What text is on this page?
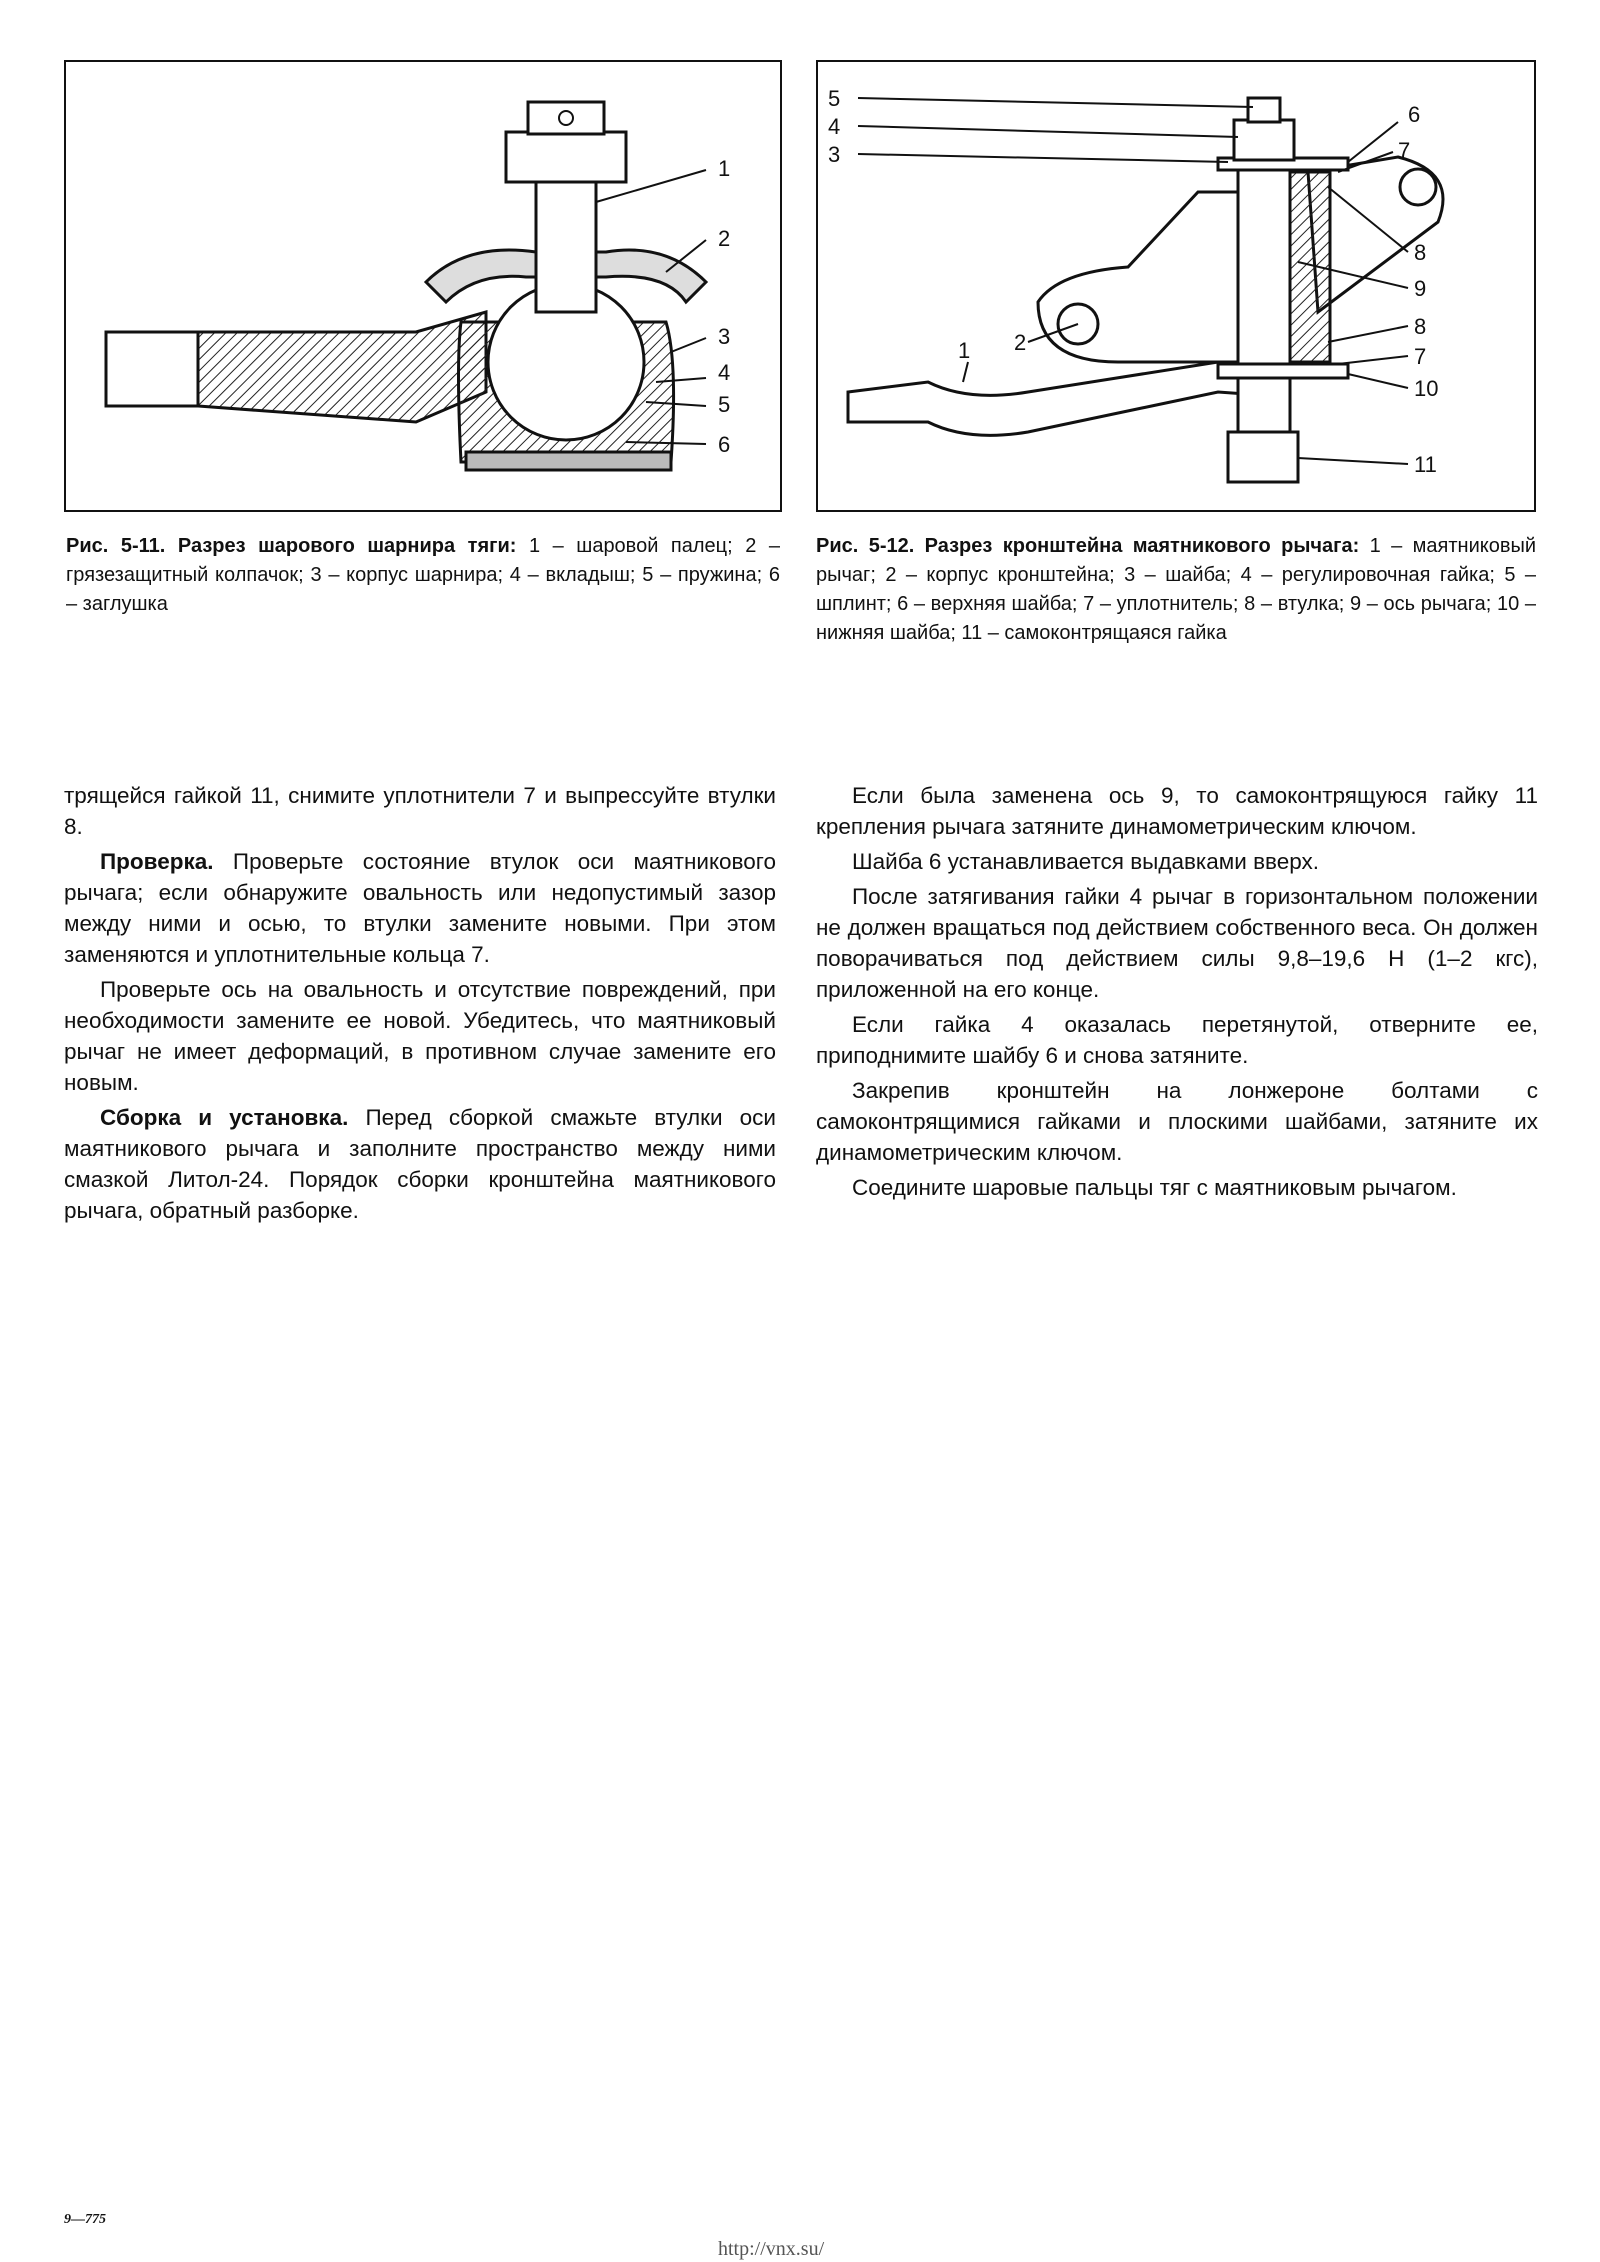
1
2
3
4
5
6
5
4
3
6
7
8
9
8
7
10
11
2
1
Рис. 5-11. Разрез шарового шарнира тяги: 1 – шаровой палец; 2 – грязезащитный колпачок; 3 – корпус шарнира; 4 – вкладыш; 5 – пружина; 6 – заглушка
Рис. 5-12. Разрез кронштейна маятникового рычага: 1 – маятниковый рычаг; 2 – корпус кронштейна; 3 – шайба; 4 – регулировочная гайка; 5 – шплинт; 6 – верхняя шайба; 7 – уплотнитель; 8 – втулка; 9 – ось рычага; 10 – нижняя шайба; 11 – самоконтрящаяся гайка

трящейся гайкой 11, снимите уплотнители 7 и выпрессуйте втулки 8.

Проверка. Проверьте состояние втулок оси маятникового рычага; если обнаружите овальность или недопустимый зазор между ними и осью, то втулки замените новыми. При этом заменяются и уплотнительные кольца 7.

Проверьте ось на овальность и отсутствие повреждений, при необходимости замените ее новой. Убедитесь, что маятниковый рычаг не имеет деформаций, в противном случае замените его новым.

Сборка и установка. Перед сборкой смажьте втулки оси маятникового рычага и заполните пространство между ними смазкой Литол-24. Порядок сборки кронштейна маятникового рычага, обратный разборке.

Если была заменена ось 9, то самоконтрящуюся гайку 11 крепления рычага затяните динамометрическим ключом.

Шайба 6 устанавливается выдавками вверх.

После затягивания гайки 4 рычаг в горизонтальном положении не должен вращаться под действием собственного веса. Он должен поворачиваться под действием силы 9,8–19,6 Н (1–2 кгс), приложенной на его конце.

Если гайка 4 оказалась перетянутой, отверните ее, приподнимите шайбу 6 и снова затяните.

Закрепив кронштейн на лонжероне болтами с самоконтрящимися гайками и плоскими шайбами, затяните их динамометрическим ключом.

Соедините шаровые пальцы тяг с маятниковым рычагом.

9—775
http://vnx.su/
